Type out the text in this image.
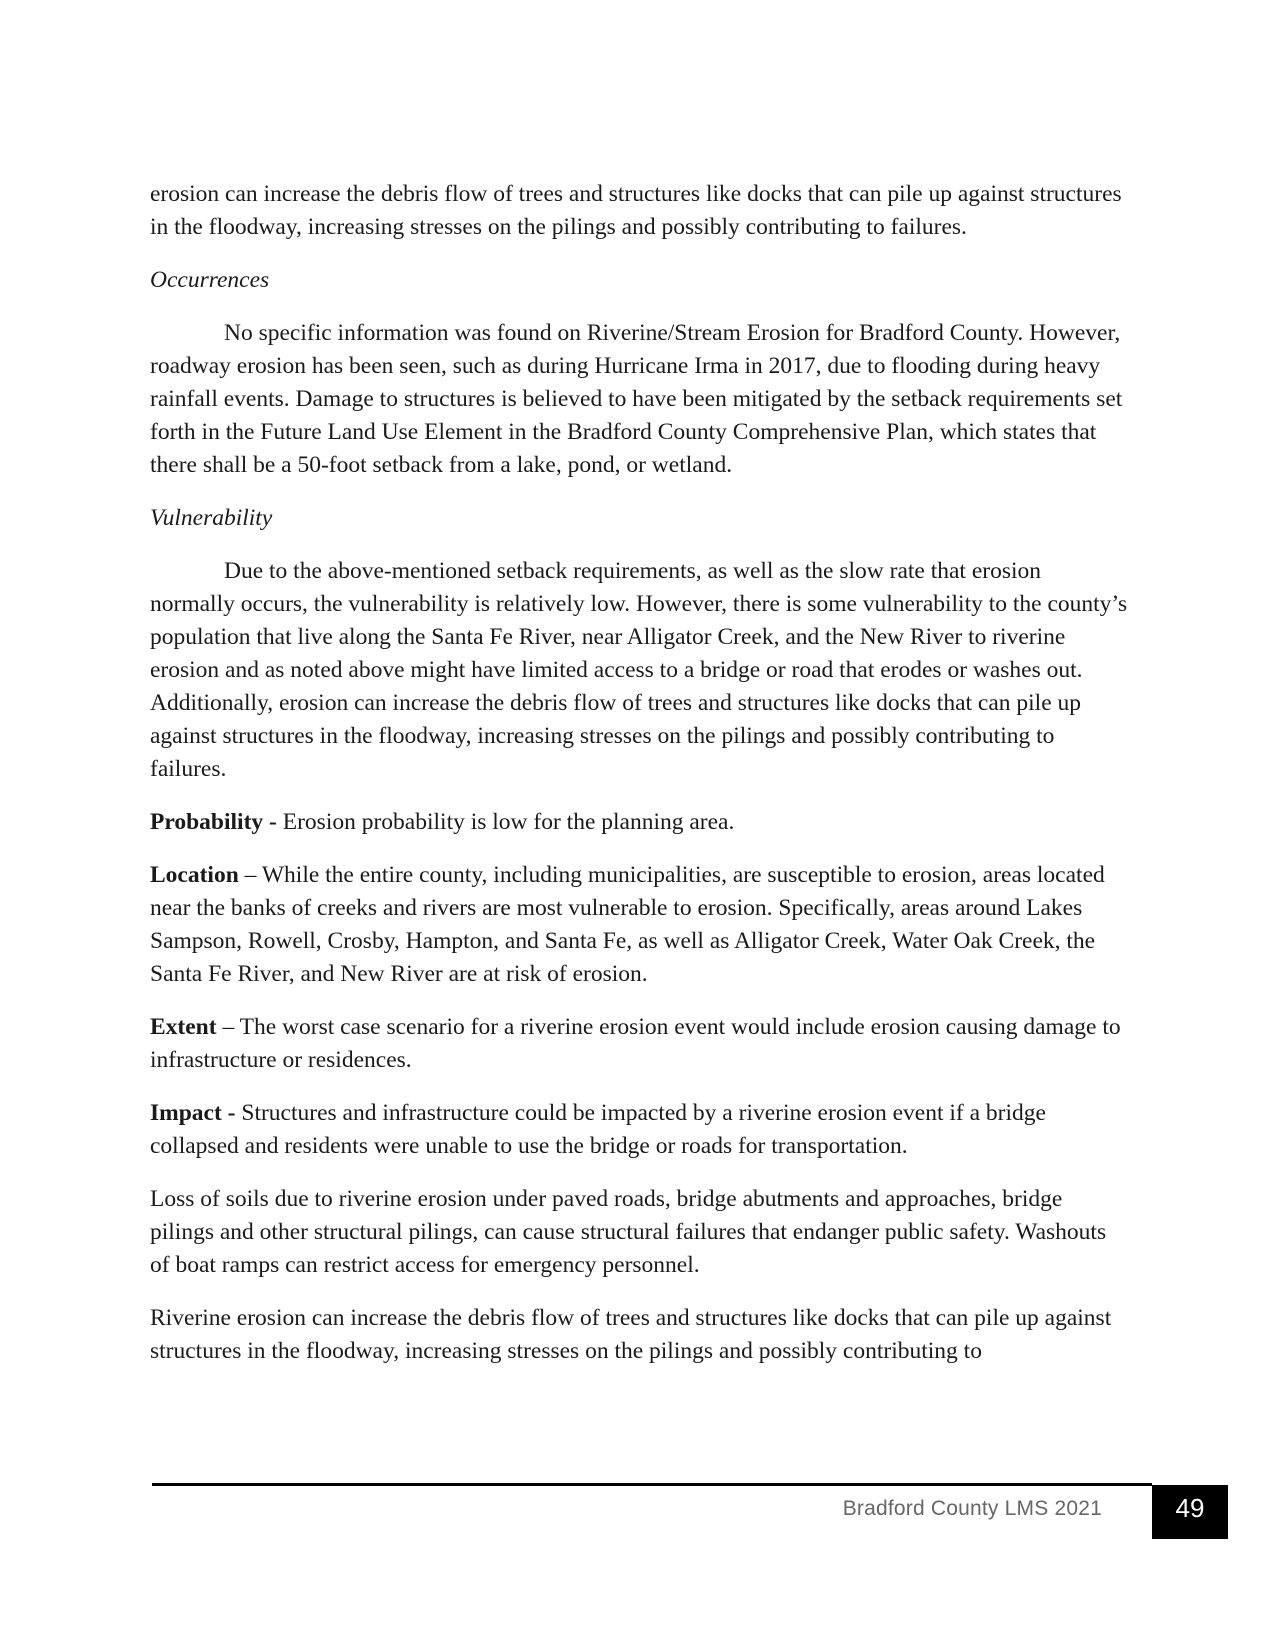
erosion can increase the debris flow of trees and structures like docks that can pile up against structures in the floodway, increasing stresses on the pilings and possibly contributing to failures.

Occurrences

No specific information was found on Riverine/Stream Erosion for Bradford County. However, roadway erosion has been seen, such as during Hurricane Irma in 2017, due to flooding during heavy rainfall events. Damage to structures is believed to have been mitigated by the setback requirements set forth in the Future Land Use Element in the Bradford County Comprehensive Plan, which states that there shall be a 50-foot setback from a lake, pond, or wetland.

Vulnerability

Due to the above-mentioned setback requirements, as well as the slow rate that erosion normally occurs, the vulnerability is relatively low. However, there is some vulnerability to the county’s population that live along the Santa Fe River, near Alligator Creek, and the New River to riverine erosion and as noted above might have limited access to a bridge or road that erodes or washes out. Additionally, erosion can increase the debris flow of trees and structures like docks that can pile up against structures in the floodway, increasing stresses on the pilings and possibly contributing to failures.

Probability - Erosion probability is low for the planning area.

Location – While the entire county, including municipalities, are susceptible to erosion, areas located near the banks of creeks and rivers are most vulnerable to erosion. Specifically, areas around Lakes Sampson, Rowell, Crosby, Hampton, and Santa Fe, as well as Alligator Creek, Water Oak Creek, the Santa Fe River, and New River are at risk of erosion.

Extent – The worst case scenario for a riverine erosion event would include erosion causing damage to infrastructure or residences.

Impact - Structures and infrastructure could be impacted by a riverine erosion event if a bridge collapsed and residents were unable to use the bridge or roads for transportation.

Loss of soils due to riverine erosion under paved roads, bridge abutments and approaches, bridge pilings and other structural pilings, can cause structural failures that endanger public safety. Washouts of boat ramps can restrict access for emergency personnel.

Riverine erosion can increase the debris flow of trees and structures like docks that can pile up against structures in the floodway, increasing stresses on the pilings and possibly contributing to

Bradford County LMS 2021	49
